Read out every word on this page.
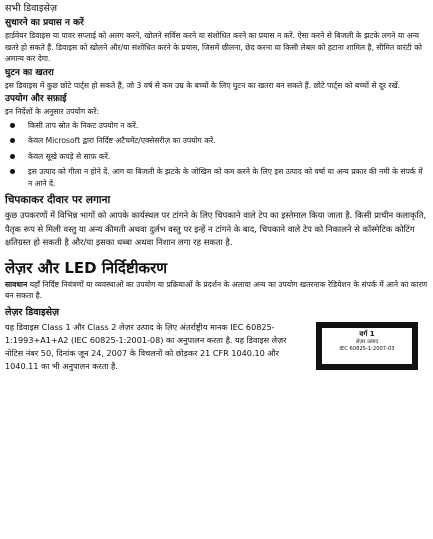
सभी डिवाइसेज़
सुधारने का प्रयास न करें
हार्डवेयर डिवाइस या पावर सप्लाई को अलग करने, खोलने सर्विस करने या संशोधित करने का प्रयास न करें. ऐसा करने से बिजली के झटके लगने या अन्य खतरे हो सकते हैं. डिवाइस को खोलने और/या संशोधित करने के प्रयास, जिसमें छीलना, छेद करना या किसी लेबल को हटाना शामिल है, सीमित वारंटी को अमान्य कर देगा.
घुटन का खतरा
इस डिवाइस में कुछ छोटे पार्ट्स हो सकते हैं, जो 3 वर्ष से कम उम्र के बच्चों के लिए घुटन का खतरा बन सकते हैं. छोटे पार्ट्स को बच्चों से दूर रखें.
उपयोग और सफ़ाई
इन निर्देशों के अनुसार उपयोग करें:
किसी ताप स्रोत के निकट उपयोग न करें.
केवल Microsoft द्वारा निर्दिष्ट अटैचमेंट/एक्सेसरीज़ का उपयोग करें.
केवल सूखे कपड़े से साफ़ करें.
इस उत्पाद को गीला न होने दें. आग या बिजली के झटके के जोखिम को कम करने के लिए इस उत्पाद को वर्षा या अन्य प्रकार की नमी के संपर्क में न आने दें.
चिपकाकर दीवार पर लगाना
कुछ उपकरणों में विभिन्न भागों को आपके कार्यस्थल पर टांगने के लिए चिपकाने वाले टेप का इस्तेमाल किया जाता है. किसी प्राचीन कलाकृति, पैतृक रूप से मिली वस्तु या अन्य कीमती अथवा दुर्लभ वस्तु पर इन्हें न टांगने के बाद, चिपकाने वाले टेप को निकालने से कॉस्मेटिक कोटिंग क्षतिग्रस्त हो सकती है और/या इसका धब्बा अथवा निशान लगा रह सकता है.
लेज़र और LED निर्दिष्टीकरण
सावधान यहाँ निर्दिष्ट नियंत्रणों या व्यवस्थाओं का उपयोग या प्रक्रियाओं के प्रदर्शन के अलावा अन्य का उपयोग खतरनाक रेडियेशन के संपर्क में आने का कारण बन सकता है.
लेज़र डिवाइसेज़
यह डिवाइस Class 1 और Class 2 लेज़र उत्पाद के लिए अंतर्राष्ट्रीय मानक IEC 60825-1:1993+A1+A2 (IEC 60825-1:2001-08) का अनुपालन करता है. यह डिवाइस लेज़र नोटिस नंबर 50, दिनांक जून 24, 2007 के विचलनों को छोड़कर 21 CFR 1040.10 और 1040.11 का भी अनुपालन करता है.
वर्ग 1
लेज़र उत्पाद
IEC 60825-1:2007-03
